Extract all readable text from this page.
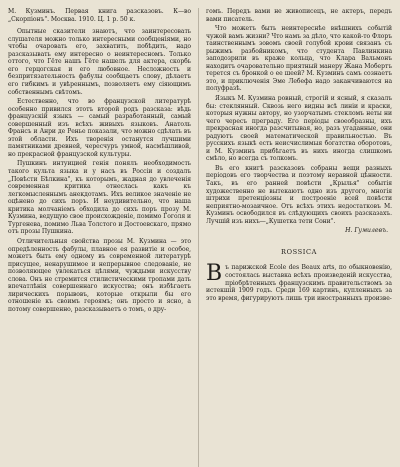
М. Кузминъ. Первая книга разсказовъ. К—во „Скорпіонъ". Москва. 1910. Ц. 1 р. 50 к.

Опытные сказители знаютъ, что заинтересовать слушателя можно только интересными сообщеніями, но чтобы очаровать его, захватить, побѣдить, надо разсказывать ему интересно о неинтересномъ. Только оттого, что Гёте нашъ Гёте нашелъ для актера, скорбь его герцогская и его любовное. Несложность и безпритязательность фабулы сообщаетъ слову, дѣлаетъ его гибкимъ и увѣреннымъ, позволяетъ ему сіяющимъ собственнымъ свѣтомъ.

Естественно, что во французской литературѣ особенно привился этотъ второй родъ разсказа: вѣдь французскій языкъ — самый разработанный, самый совершенный изъ всѣхъ живыхъ языковъ. Анатоль Франсъ и Анри де Ренье показали, что можно сдѣлать въ этой области. Ихъ творенія останутся лучшими памятниками древней, чересчуръ умной, насмѣшливой, но прекрасной французской культуры.

Пушкинъ интуицией генія понялъ необходимость такого культа языка и у насъ въ Россіи и создалъ „Повѣсти Бѣлкина", къ которымъ, жадная до увлеченія современная критика отнеслась какъ къ легкомысленнымъ анекдотамъ. Ихъ великое значеніе не оцѣнено до сихъ поръ. И неудивительно, что наша критика молчаніемъ обходила до сихъ поръ прозу М. Кузмина, ведущую свое происхожденіе, помимо Гоголя и Тургенева, помимо Льва Толстого и Достоевскаго, прямо отъ прозы Пушкина.

Отличительныя свойства прозы М. Кузмина — это опредѣленность фабулы, плавное ея развитіе и особое, можетъ быть ему одному въ современной литературѣ присущее, ненарушимое и непрерывное следованіе, не позволяющее увлекаться цѣлями, чуждыми искусству слова. Онъ не стремится стилистическими тропами дать впечатлѣнія совершеннаго искусства; онъ избѣгаетъ лирическихъ порывовъ, которые открыли бы его отношеніе къ своимъ героямъ; онъ просто и ясно, а потому совершенно, разсказываетъ о томъ, о дру-

гомъ. Передъ вами не живописецъ, не актеръ, передъ вами писатель.

Что можетъ быть неинтереснѣе внѣшнихъ событій чужой вамъ жизни? Что намъ за дѣло, что какой-то Флоръ таинственнымъ зовомъ своей голубой крови связанъ съ рыжимъ разбойникомъ, что студента Павлинкина заподозрили въ краже кольца, что Клара Вальмонъ находитъ очаровательно приятный манеру Жана Мобертъ терется съ бронкой о ее шеей? М. Кузминъ самъ сознаетъ это, и приключенія Эме Лебефа надо заканчиваются на полуфразѣ.

Языкъ М. Кузмина ровный, строгій и ясный, я сказалъ бы: стеклянный. Сквозь него видны всѣ линіи и краски, которыя нужны автору, но узорчатымъ стекломъ неты ни чего чересъ преграду. Его періоды своеобразны, ихъ прекрасная иногда разсчитывая, но, разъ угаданные, они радуютъ своей математической правильностью. Въ русскихъ языкѣ есть неисчислимыя богатства оборотовъ, и М. Кузминъ прибѣгаетъ въ нихъ иногда слишкомъ смѣло, но всегда съ толкомъ.

Въ его книгѣ разсказовъ собраны вещи разныхъ періодовъ его творчества и поэтому неравной цѣнности. Такъ, въ его ранней повѣсти „Крылья" событія художественно не вытекаютъ одно изъ другого, многія штрихи претенціозны и построеніе всей повѣсти неприятно-мозаичное. Отъ всѣхъ этихъ недостатковъ М. Кузминъ освободился въ слѣдующихъ своихъ разсказахъ. Лучшій изъ нихъ—„Кушетка тети Сони".

Н. Гумилевъ.
ROSSICA

Въ парижской Ecole des Beaux arts, по обыкновенію, состоялась выставка всѣхъ произведеній искусства, пріобрѣтенныхъ французскимъ правительствомъ за истекшій 1909 годъ. Среди 169 картинъ, купленныхъ за это время, фигурируютъ лишь три иностранныхъ произве-
